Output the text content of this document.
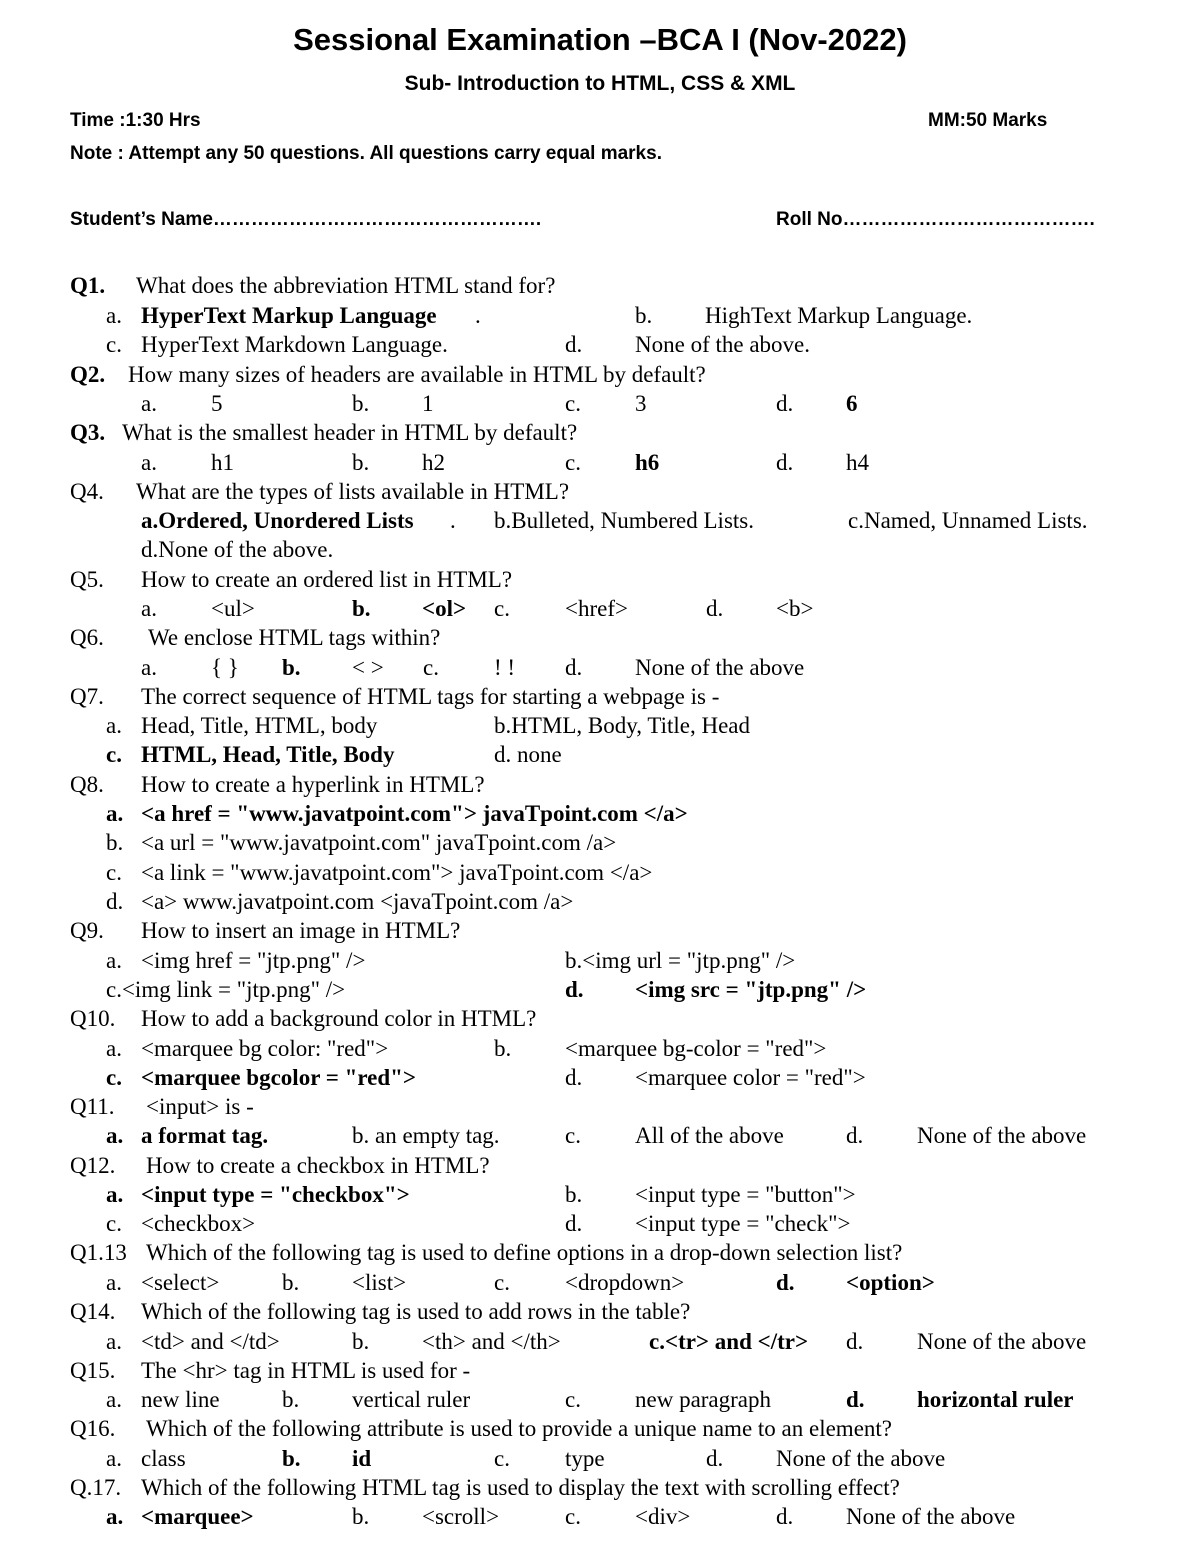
Sessional Examination –BCA I (Nov-2022)
Sub- Introduction to HTML, CSS & XML
Time :1:30 Hrs	MM:50 Marks
Note : Attempt any 50 questions. All questions carry equal marks.
Student’s Name…………………………………………….	Roll No………………………………….
Q1. What does the abbreviation HTML stand for?
a. HyperText Markup Language .	b. HighText Markup Language.
c. HyperText Markdown Language.	d. None of the above.
Q2. How many sizes of headers are available in HTML by default?
a. 5	b. 1	c. 3	d. 6
Q3. What is the smallest header in HTML by default?
a. h1	b. h2	c. h6	d. h4
Q4. What are the types of lists available in HTML?
a.Ordered, Unordered Lists . b.Bulleted, Numbered Lists.	c.Named, Unnamed Lists.
d.None of the above.
Q5. How to create an ordered list in HTML?
a. <ul>	b. <ol> c. <href>	d. <b>
Q6. We enclose HTML tags within?
a. { } b. < > c. ! ! d. None of the above
Q7. The correct sequence of HTML tags for starting a webpage is -
a. Head, Title, HTML, body	b.HTML, Body, Title, Head
c. HTML, Head, Title, Body	d. none
Q8. How to create a hyperlink in HTML?
a. <a href = "www.javatpoint.com"> javaTpoint.com </a>
b. <a url = "www.javatpoint.com" javaTpoint.com /a>
c. <a link = "www.javatpoint.com"> javaTpoint.com </a>
d. <a> www.javatpoint.com <javaTpoint.com /a>
Q9. How to insert an image in HTML?
a. <img href = "jtp.png" />	b.<img url = "jtp.png" />
c.<img link = "jtp.png" />	d. <img src = "jtp.png" />
Q10. How to add a background color in HTML?
a. <marquee bg color: "red">	b. <marquee bg-color = "red">
c. <marquee bgcolor = "red">	d. <marquee color = "red">
Q11. <input> is -
a. a format tag.	b. an empty tag.	c. All of the above	d. None of the above
Q12. How to create a checkbox in HTML?
a. <input type = "checkbox">	b. <input type = "button">
c. <checkbox>	d. <input type = "check">
Q1.13 Which of the following tag is used to define options in a drop-down selection list?
a. <select>	b. <list>	c. <dropdown>	d. <option>
Q14. Which of the following tag is used to add rows in the table?
a. <td> and </td>	b. <th> and </th>	c.<tr> and </tr> d. None of the above
Q15. The <hr> tag in HTML is used for -
a. new line	b. vertical ruler	c. new paragraph	d. horizontal ruler
Q16. Which of the following attribute is used to provide a unique name to an element?
a. class	b. id	c. type	d. None of the above
Q.17. Which of the following HTML tag is used to display the text with scrolling effect?
a. <marquee>	b. <scroll>	c. <div>	d. None of the above
